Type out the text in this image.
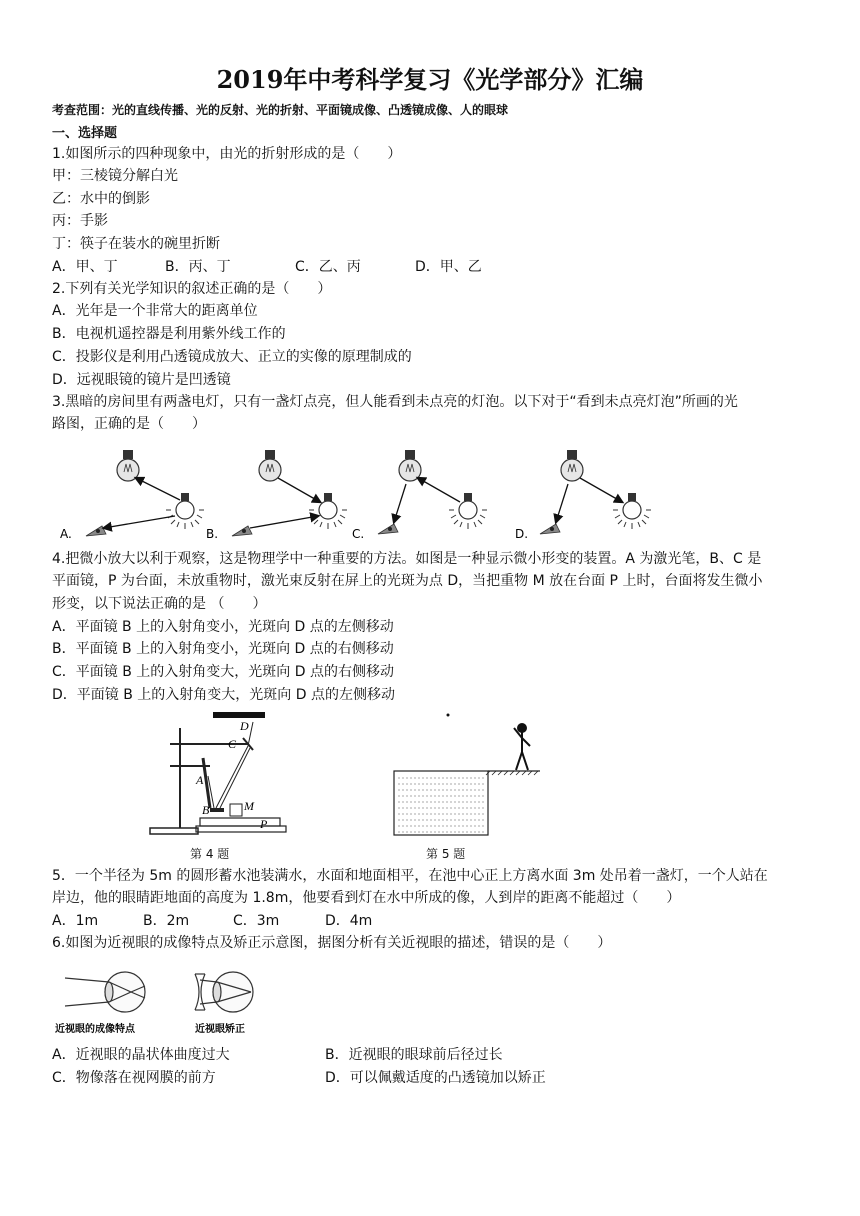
2019年中考科学复习《光学部分》汇编
考查范围：光的直线传播、光的反射、光的折射、平面镜成像、凸透镜成像、人的眼球
一、选择题
1.如图所示的四种现象中，由光的折射形成的是（　　）
甲：三棱镜分解白光
乙：水中的倒影
丙：手影
丁：筷子在装水的碗里折断
A．甲、丁	B．丙、丁	C．乙、丙	D．甲、乙
2.下列有关光学知识的叙述正确的是（　　）
A．光年是一个非常大的距离单位
B．电视机遥控器是利用紫外线工作的
C．投影仪是利用凸透镜成放大、正立的实像的原理制成的
D．远视眼镜的镜片是凹透镜
3.黑暗的房间里有两盏电灯，只有一盏灯点亮，但人能看到未点亮的灯泡。以下对于“看到未点亮灯泡”所画的光
路图，正确的是（　　）
A.	B.	C.	D.
4.把微小放大以利于观察，这是物理学中一种重要的方法。如图是一种显示微小形变的装置。A 为激光笔，B、C 是
平面镜，P 为台面，未放重物时，激光束反射在屏上的光斑为点 D，当把重物 M 放在台面 P 上时，台面将发生微小
形变，以下说法正确的是 （　　）
A．平面镜 B 上的入射角变小，光斑向 D 点的左侧移动
B．平面镜 B 上的入射角变小，光斑向 D 点的右侧移动
C．平面镜 B 上的入射角变大，光斑向 D 点的右侧移动
D．平面镜 B 上的入射角变大，光斑向 D 点的左侧移动
D
C
A
B	M
P
第 4 题	第 5 题
5．一个半径为 5m 的圆形蓄水池装满水，水面和地面相平，在池中心正上方离水面 3m 处吊着一盏灯，一个人站在
岸边，他的眼睛距地面的高度为 1.8m，他要看到灯在水中所成的像，人到岸的距离不能超过（　　）
A．1m	B．2m	C．3m	D．4m
6.如图为近视眼的成像特点及矫正示意图，据图分析有关近视眼的描述，错误的是（　　）
近视眼的成像特点	近视眼矫正
A．近视眼的晶状体曲度过大	B．近视眼的眼球前后径过长
C．物像落在视网膜的前方	D．可以佩戴适度的凸透镜加以矫正
